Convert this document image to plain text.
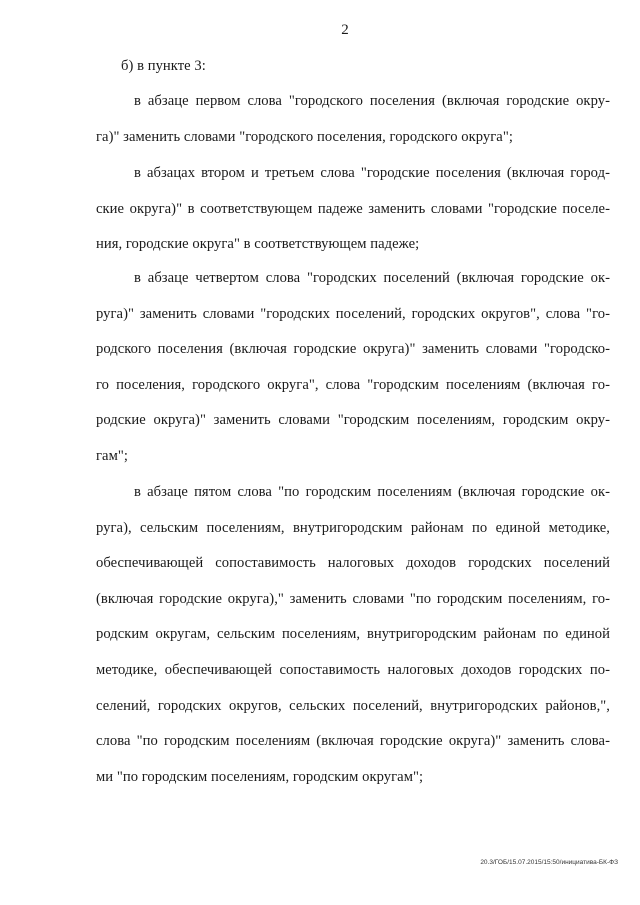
2
б) в пункте 3:
в абзаце первом слова "городского поселения (включая городские окру-
га)" заменить словами "городского поселения, городского округа";
в абзацах втором и третьем слова "городские поселения (включая город-
ские округа)" в соответствующем падеже заменить словами "городские поселе-
ния, городские округа" в соответствующем падеже;
в абзаце четвертом слова "городских поселений (включая городские ок-
руга)" заменить словами "городских поселений, городских округов", слова "го-
родского поселения (включая городские округа)" заменить словами "городско-
го поселения, городского округа", слова "городским поселениям (включая го-
родские округа)" заменить словами "городским поселениям, городским окру-
гам";
в абзаце пятом слова "по городским поселениям (включая городские ок-
руга), сельским поселениям, внутригородским районам по единой методике,
обеспечивающей сопоставимость налоговых доходов городских поселений
(включая городские округа)," заменить словами "по городским поселениям, го-
родским округам, сельским поселениям, внутригородским районам по единой
методике, обеспечивающей сопоставимость налоговых доходов городских по-
селений, городских округов, сельских поселений, внутригородских районов,",
слова "по городским поселениям (включая городские округа)" заменить слова-
ми "по городским поселениям, городским округам";
20.3/ГОБ/15.07.2015/15:50/инициатива-БК-ФЗ
